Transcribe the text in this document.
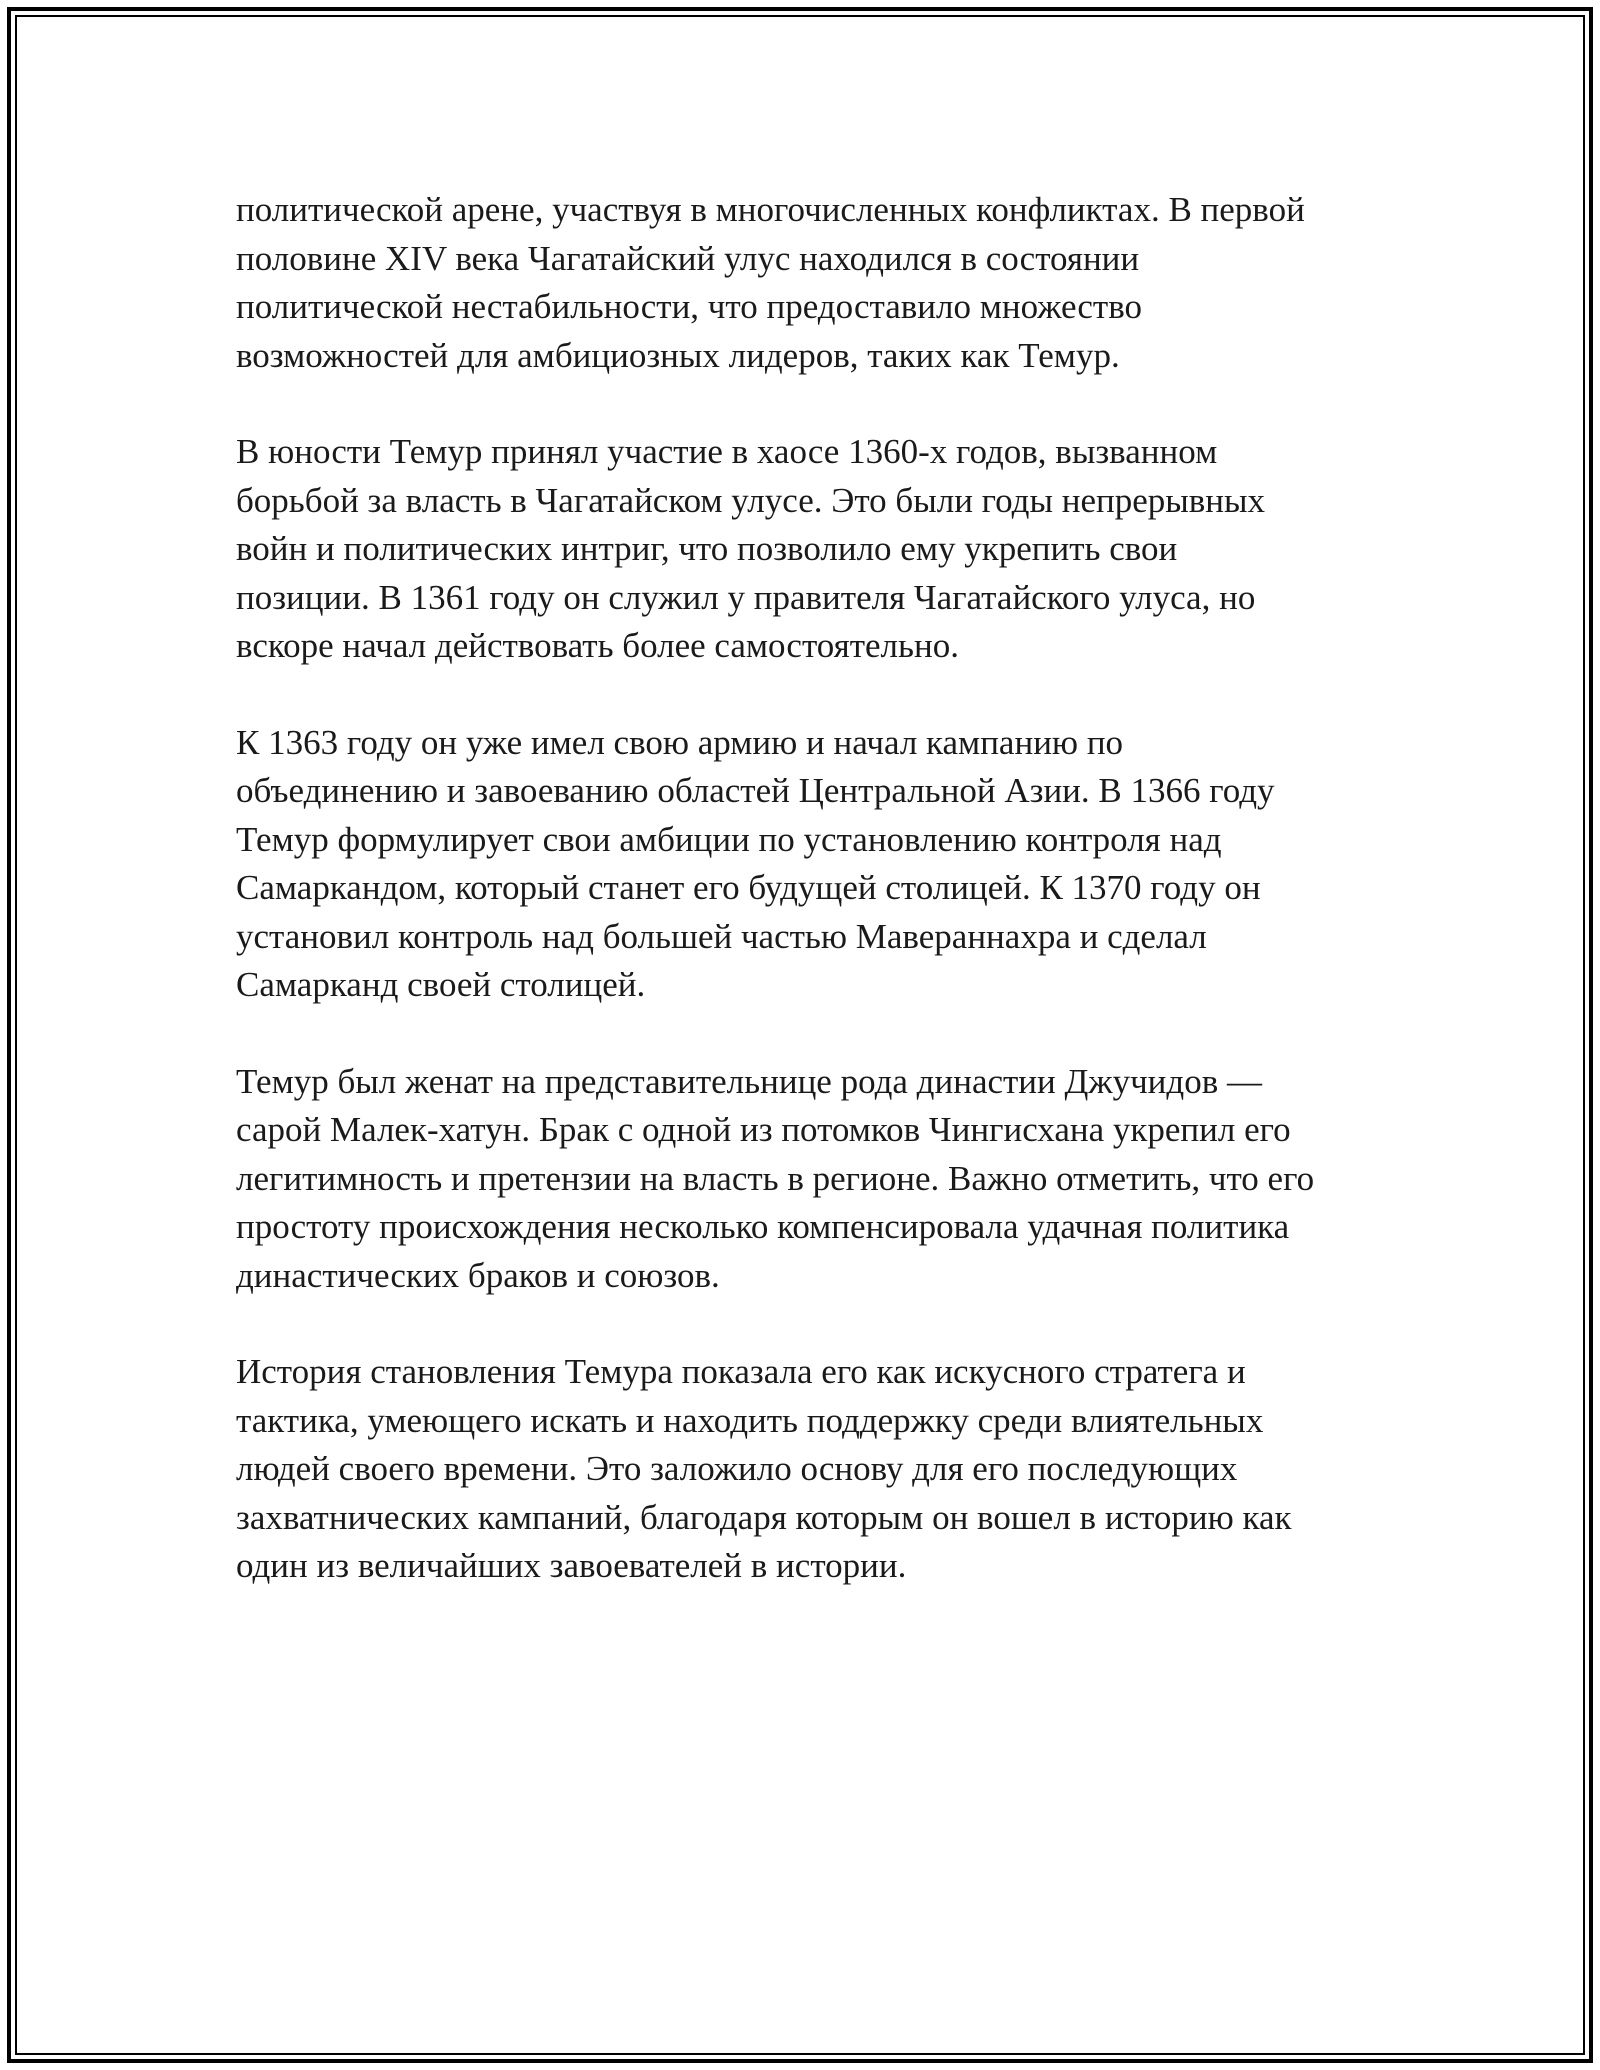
политической арене, участвуя в многочисленных конфликтах. В первой
половине XIV века Чагатайский улус находился в состоянии
политической нестабильности, что предоставило множество
возможностей для амбициозных лидеров, таких как Темур.

В юности Темур принял участие в хаосе 1360-х годов, вызванном
борьбой за власть в Чагатайском улусе. Это были годы непрерывных
войн и политических интриг, что позволило ему укрепить свои
позиции. В 1361 году он служил у правителя Чагатайского улуса, но
вскоре начал действовать более самостоятельно.

К 1363 году он уже имел свою армию и начал кампанию по
объединению и завоеванию областей Центральной Азии. В 1366 году
Темур формулирует свои амбиции по установлению контроля над
Самаркандом, который станет его будущей столицей. К 1370 году он
установил контроль над большей частью Мавераннахра и сделал
Самарканд своей столицей.

Темур был женат на представительнице рода династии Джучидов —
сарой Малек-хатун. Брак с одной из потомков Чингисхана укрепил его
легитимность и претензии на власть в регионе. Важно отметить, что его
простоту происхождения несколько компенсировала удачная политика
династических браков и союзов.

История становления Темура показала его как искусного стратега и
тактика, умеющего искать и находить поддержку среди влиятельных
людей своего времени. Это заложило основу для его последующих
захватнических кампаний, благодаря которым он вошел в историю как
один из величайших завоевателей в истории.
